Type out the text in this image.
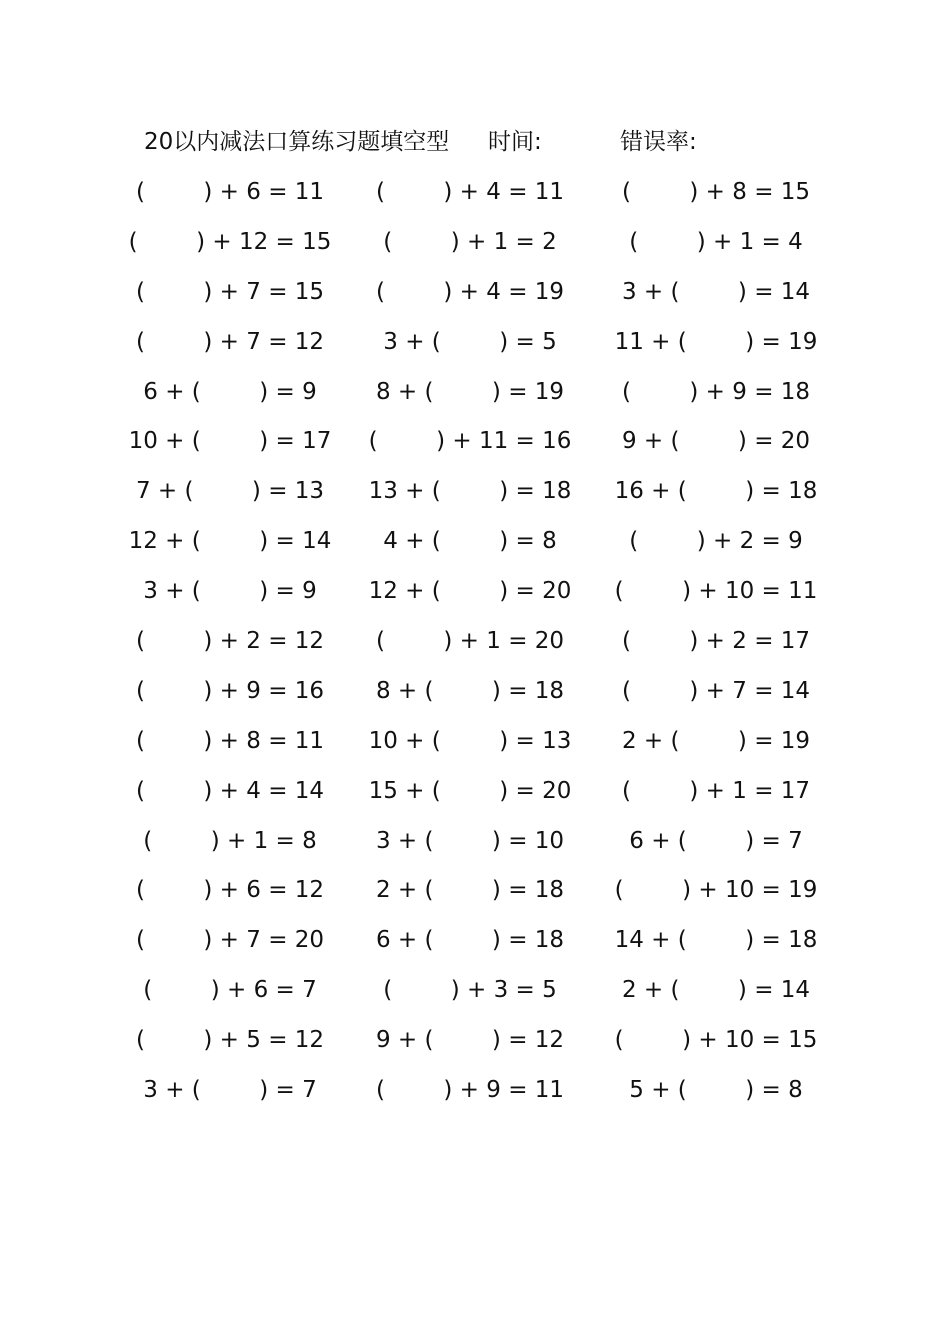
20以内减法口算练习题填空型 时间:	错误率:
(        ) + 6 = 11	(        ) + 4 = 11	(        ) + 8 = 15
(        ) + 12 = 15	(        ) + 1 = 2	(        ) + 1 = 4
(        ) + 7 = 15	(        ) + 4 = 19	3 + (        ) = 14
(        ) + 7 = 12	3 + (        ) = 5	11 + (        ) = 19
6 + (        ) = 9	8 + (        ) = 19	(        ) + 9 = 18
10 + (        ) = 17	(        ) + 11 = 16	9 + (        ) = 20
7 + (        ) = 13	13 + (        ) = 18	16 + (        ) = 18
12 + (        ) = 14	4 + (        ) = 8	(        ) + 2 = 9
3 + (        ) = 9	12 + (        ) = 20	(        ) + 10 = 11
(        ) + 2 = 12	(        ) + 1 = 20	(        ) + 2 = 17
(        ) + 9 = 16	8 + (        ) = 18	(        ) + 7 = 14
(        ) + 8 = 11	10 + (        ) = 13	2 + (        ) = 19
(        ) + 4 = 14	15 + (        ) = 20	(        ) + 1 = 17
(        ) + 1 = 8	3 + (        ) = 10	6 + (        ) = 7
(        ) + 6 = 12	2 + (        ) = 18	(        ) + 10 = 19
(        ) + 7 = 20	6 + (        ) = 18	14 + (        ) = 18
(        ) + 6 = 7	(        ) + 3 = 5	2 + (        ) = 14
(        ) + 5 = 12	9 + (        ) = 12	(        ) + 10 = 15
3 + (        ) = 7	(        ) + 9 = 11	5 + (        ) = 8
